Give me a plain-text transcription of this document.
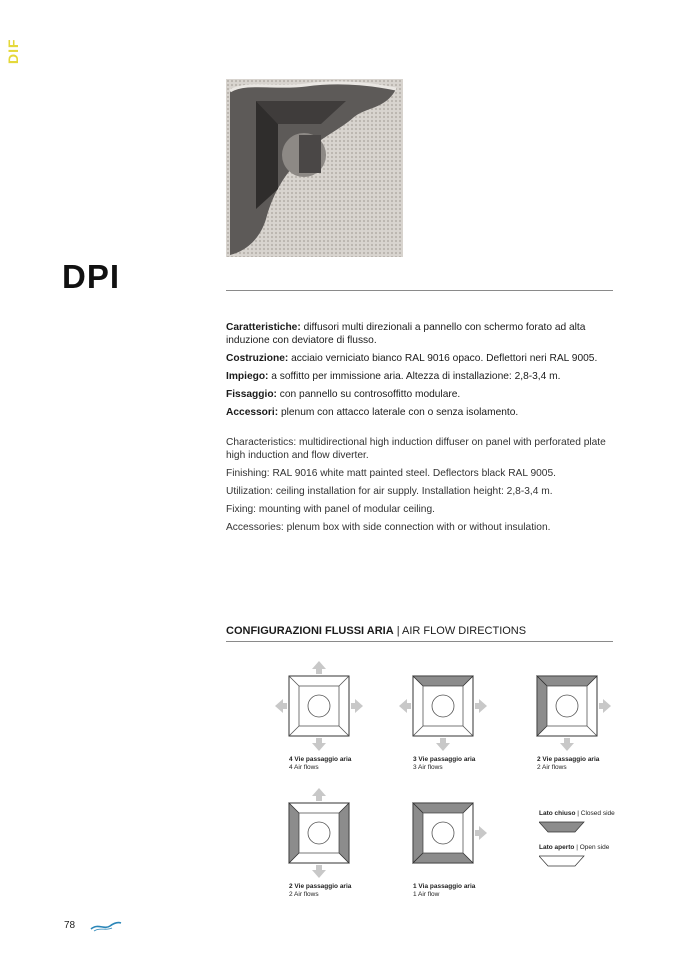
DIF
DPI

Caratteristiche: diffusori multi direzionali a pannello con schermo forato ad alta induzione con deviatore di flusso.

Costruzione: acciaio verniciato bianco RAL 9016 opaco. Deflettori neri RAL 9005.

Impiego: a soffitto per immissione aria. Altezza di installazione: 2,8-3,4 m.

Fissaggio: con pannello su controsoffitto modulare.

Accessori: plenum con attacco laterale con o senza isolamento.

Characteristics: multidirectional high induction diffuser on panel with perforated plate high induction and flow diverter.

Finishing: RAL 9016 white matt painted steel. Deflectors black RAL 9005.

Utilization: ceiling installation for air supply. Installation height: 2,8-3,4 m.

Fixing: mounting with panel of modular ceiling.

Accessories: plenum box with side connection with or without insulation.

CONFIGURAZIONI FLUSSI ARIA | AIR FLOW DIRECTIONS
4 Vie passaggio aria
4 Air flows
3 Vie passaggio aria
3 Air flows
2 Vie passaggio aria
2 Air flows
2 Vie passaggio aria
2 Air flows
1 Via passaggio aria
1 Air flow
Lato chiuso | Closed side
Lato aperto | Open side
78
